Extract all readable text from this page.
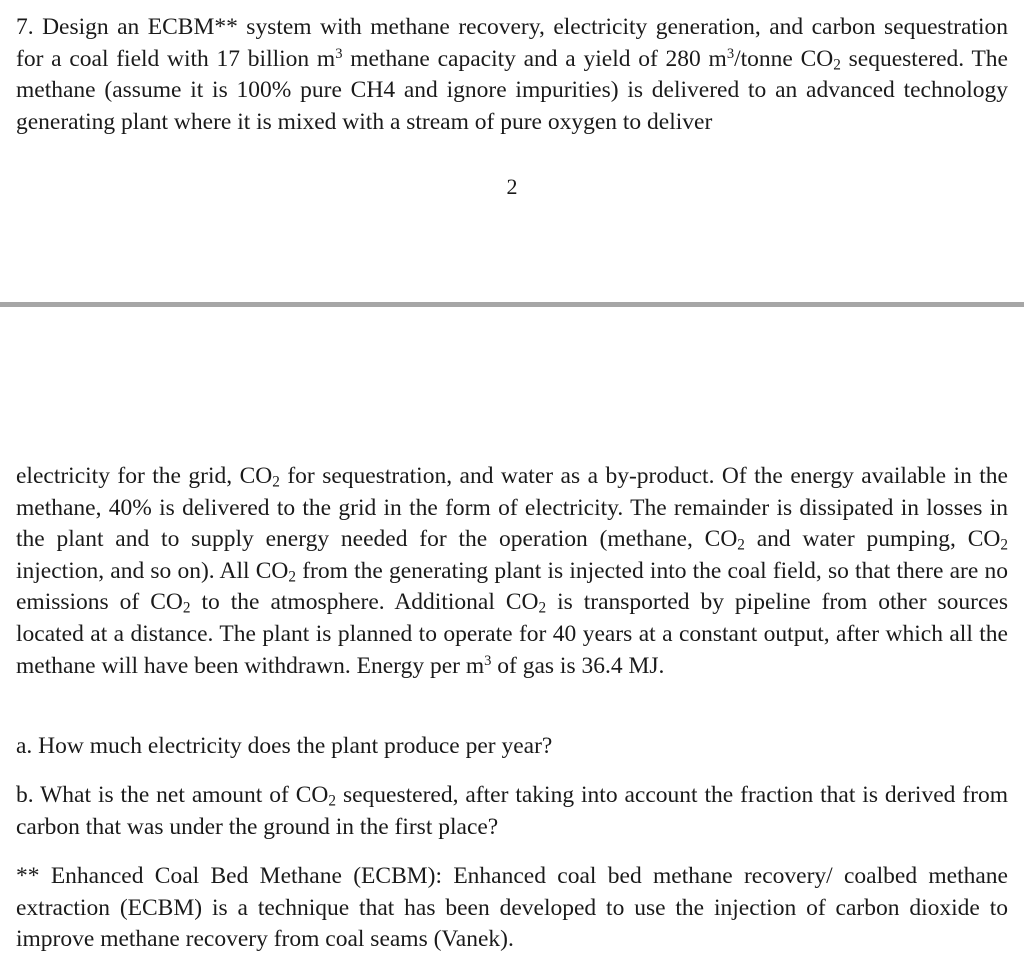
7. Design an ECBM** system with methane recovery, electricity generation, and carbon sequestration for a coal field with 17 billion $m^3$ methane capacity and a yield of 280 $m^3$/tonne $CO_2$ sequestered. The methane (assume it is 100% pure CH4 and ignore impurities) is delivered to an advanced technology generating plant where it is mixed with a stream of pure oxygen to deliver

2

electricity for the grid, $CO_2$ for sequestration, and water as a by-product. Of the energy available in the methane, 40% is delivered to the grid in the form of electricity. The remainder is dissipated in losses in the plant and to supply energy needed for the operation (methane, $CO_2$ and water pumping, $CO_2$ injection, and so on). All $CO_2$ from the generating plant is injected into the coal field, so that there are no emissions of $CO_2$ to the atmosphere. Additional $CO_2$ is transported by pipeline from other sources located at a distance. The plant is planned to operate for 40 years at a constant output, after which all the methane will have been withdrawn. Energy per $m^3$ of gas is 36.4 MJ.

a. How much electricity does the plant produce per year?

b. What is the net amount of $CO_2$ sequestered, after taking into account the fraction that is derived from carbon that was under the ground in the first place?

** Enhanced Coal Bed Methane (ECBM): Enhanced coal bed methane recovery/ coalbed methane extraction (ECBM) is a technique that has been developed to use the injection of carbon dioxide to improve methane recovery from coal seams (Vanek).
